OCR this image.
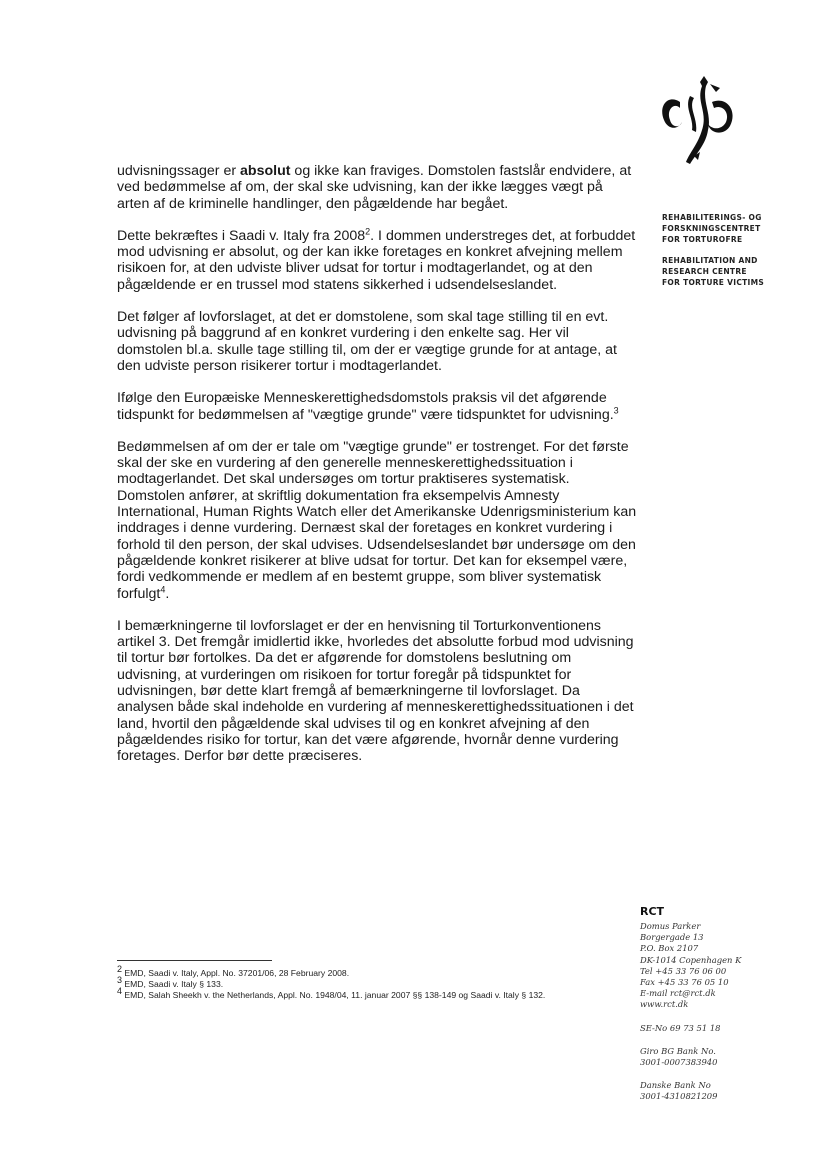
REHABILITERINGS- OG
FORSKNINGSCENTRET
FOR TORTUROFRE
REHABILITATION AND
RESEARCH CENTRE
FOR TORTURE VICTIMS

udvisningssager er absolut og ikke kan fraviges. Domstolen fastslår endvidere, at ved bedømmelse af om, der skal ske udvisning, kan der ikke lægges vægt på arten af de kriminelle handlinger, den pågældende har begået.

Dette bekræftes i Saadi v. Italy fra 2008$^2$. I dommen understreges det, at forbuddet mod udvisning er absolut, og der kan ikke foretages en konkret afvejning mellem risikoen for, at den udviste bliver udsat for tortur i modtagerlandet, og at den pågældende er en trussel mod statens sikkerhed i udsendelseslandet.

Det følger af lovforslaget, at det er domstolene, som skal tage stilling til en evt. udvisning på baggrund af en konkret vurdering i den enkelte sag. Her vil domstolen bl.a. skulle tage stilling til, om der er vægtige grunde for at antage, at den udviste person risikerer tortur i modtagerlandet.

Ifølge den Europæiske Menneskerettighedsdomstols praksis vil det afgørende tidspunkt for bedømmelsen af "vægtige grunde" være tidspunktet for udvisning.$^3$

Bedømmelsen af om der er tale om "vægtige grunde" er tostrenget. For det første skal der ske en vurdering af den generelle menneskerettighedssituation i modtagerlandet. Det skal undersøges om tortur praktiseres systematisk. Domstolen anfører, at skriftlig dokumentation fra eksempelvis Amnesty International, Human Rights Watch eller det Amerikanske Udenrigsministerium kan inddrages i denne vurdering. Dernæst skal der foretages en konkret vurdering i forhold til den person, der skal udvises. Udsendelseslandet bør undersøge om den pågældende konkret risikerer at blive udsat for tortur. Det kan for eksempel være, fordi vedkommende er medlem af en bestemt gruppe, som bliver systematisk forfulgt$^4$.

I bemærkningerne til lovforslaget er der en henvisning til Torturkonventionens artikel 3. Det fremgår imidlertid ikke, hvorledes det absolutte forbud mod udvisning til tortur bør fortolkes. Da det er afgørende for domstolens beslutning om udvisning, at vurderingen om risikoen for tortur foregår på tidspunktet for udvisningen, bør dette klart fremgå af bemærkningerne til lovforslaget. Da analysen både skal indeholde en vurdering af menneskerettighedssituationen i det land, hvortil den pågældende skal udvises til og en konkret afvejning af den pågældendes risiko for tortur, kan det være afgørende, hvornår denne vurdering foretages. Derfor bør dette præciseres.

$^2$ EMD, Saadi v. Italy, Appl. No. 37201/06, 28 February 2008.
$^3$ EMD, Saadi v. Italy § 133.
$^4$ EMD, Salah Sheekh v. the Netherlands, Appl. No. 1948/04, 11. januar 2007 §§ 138-149 og Saadi v. Italy § 132.
RCT
Domus Parker
Borgergade 13
P.O. Box 2107
DK-1014 Copenhagen K
Tel +45 33 76 06 00
Fax +45 33 76 05 10
E-mail rct@rct.dk
www.rct.dk
SE-No 69 73 51 18
Giro BG Bank No.
3001-0007383940
Danske Bank No
3001-4310821209
